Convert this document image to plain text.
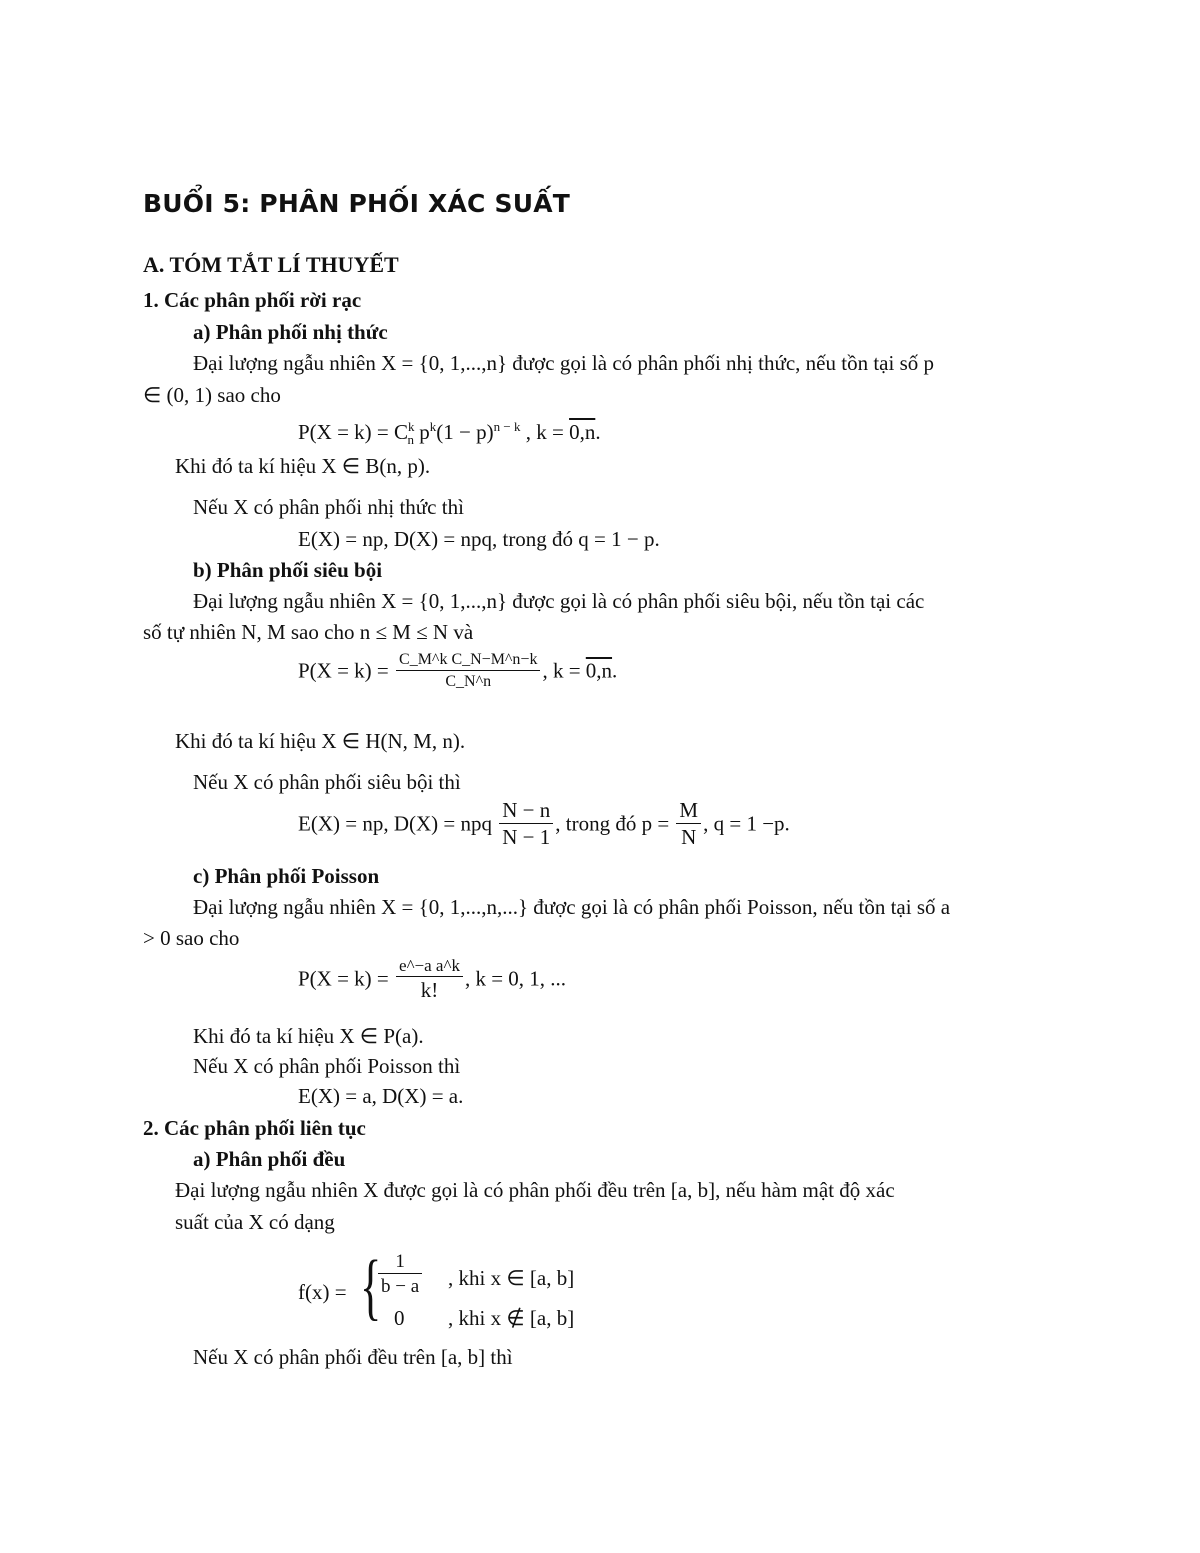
BUỔI 5: PHÂN PHỐI XÁC SUẤT
A. TÓM TẮT LÍ THUYẾT
1. Các phân phối rời rạc
a) Phân phối nhị thức
Đại lượng ngẫu nhiên X = {0, 1,...,n} được gọi là có phân phối nhị thức, nếu tồn tại số p
∈ (0, 1) sao cho
$P(X = k) = C^k_n$ $p^k(1 - p)^{n - k}$ , k = 0,n.
Khi đó ta kí hiệu X ∈ B(n, p).
Nếu X có phân phối nhị thức thì
E(X) = np, D(X) = npq, trong đó q = 1 − p.
b) Phân phối siêu bội
Đại lượng ngẫu nhiên X = {0, 1,...,n} được gọi là có phân phối siêu bội, nếu tồn tại các
số tự nhiên N, M sao cho n ≤ M ≤ N và
$P(X = k) = \frac{\text{C\_M\textasciicircum{}k C\_N−M\textasciicircum{}n−k}}{C\_N\^{}n}$ , k = 0,n.
Khi đó ta kí hiệu X ∈ H(N, M, n).
Nếu X có phân phối siêu bội thì
E(X) = np, D(X) = npq $\frac{N - n}{N - 1}$ , trong đó $p = \frac{M}{N}$ , q = 1 −p.
c) Phân phối Poisson
Đại lượng ngẫu nhiên X = {0, 1,...,n,...} được gọi là có phân phối Poisson, nếu tồn tại số a
> 0 sao cho
$P(X = k) = \frac{\text{e\textasciicircum{}−a a\textasciicircum{}k}}{k!}$ , k = 0, 1, ...
Khi đó ta kí hiệu X ∈ P(a).
Nếu X có phân phối Poisson thì
E(X) = a, D(X) = a.
2. Các phân phối liên tục
a) Phân phối đều
Đại lượng ngẫu nhiên X được gọi là có phân phối đều trên [a, b], nếu hàm mật độ xác
suất của X có dạng
f(x) = {
$\frac{1}{b - a}$ , khi x ∈ [a, b]
0 , khi x ∉ [a, b]
Nếu X có phân phối đều trên [a, b] thì
